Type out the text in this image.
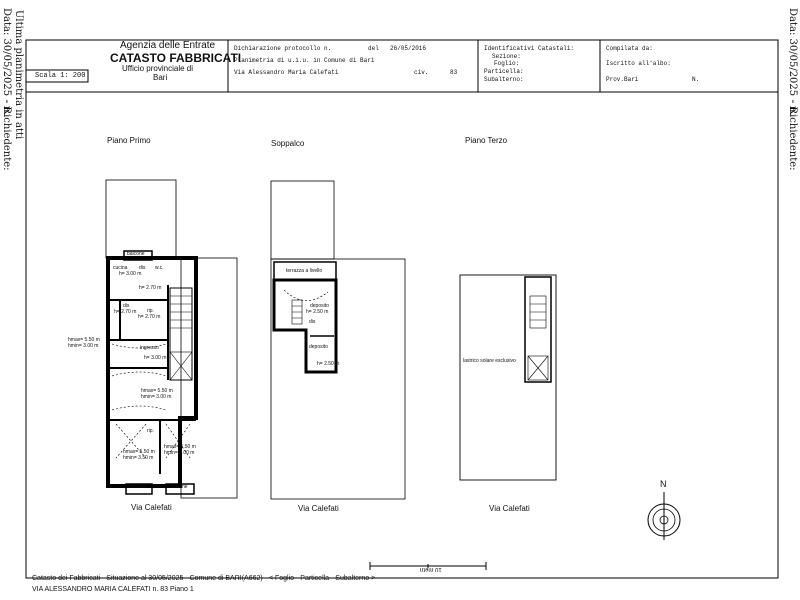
Data: 30/05/2025 - n. Ultima planimetria in atti
- Richiedente:
Data: 30/05/2025 - n.
- Richiedente:
Agenzia delle Entrate
CATASTO FABBRICATI
Ufficio provinciale di
Bari
Scala 1: 200
Dichiarazione protocollo n.	del 26/05/2016
Planimetria di u.i.u. in Comune di Bari
Via Alessandro Maria Calefati	civ.	83
Identificativi Catastali:
Sezione:
Foglio:
Particella:
Subalterno:
Compilata da:
Iscritto all'albo:
Prov.Bari	N.
Piano Primo	Soppalco	Piano Terzo
balcone
cucina
h= 3.00 m
dis w.c.
h= 2.70 m
dis
h= 2.70 m rip.
h= 2.70 m
hmax= 5.50 m
hmin= 3.00 m	ingresso
h= 3.00 m
hmax= 5.50 m
hmin= 3.00 m
rip.
hmax= 5.50 m
hmin= 3.50 m
hmax= 5.50 m
hmin= 3.00 m
balcone	balcone
terrazza a livello
deposito
h= 2.50 m
dis
deposito
h= 2.50 m	lastrico solare esclusivo
Via Calefati	Via Calefati	Via Calefati
N
10 metri
Catasto dei Fabbricati - Situazione al 30/05/2025 - Comune di BARI(A662) - < Foglio - Particella - Subalterno >
VIA ALESSANDRO MARIA CALEFATI n. 83 Piano 1
